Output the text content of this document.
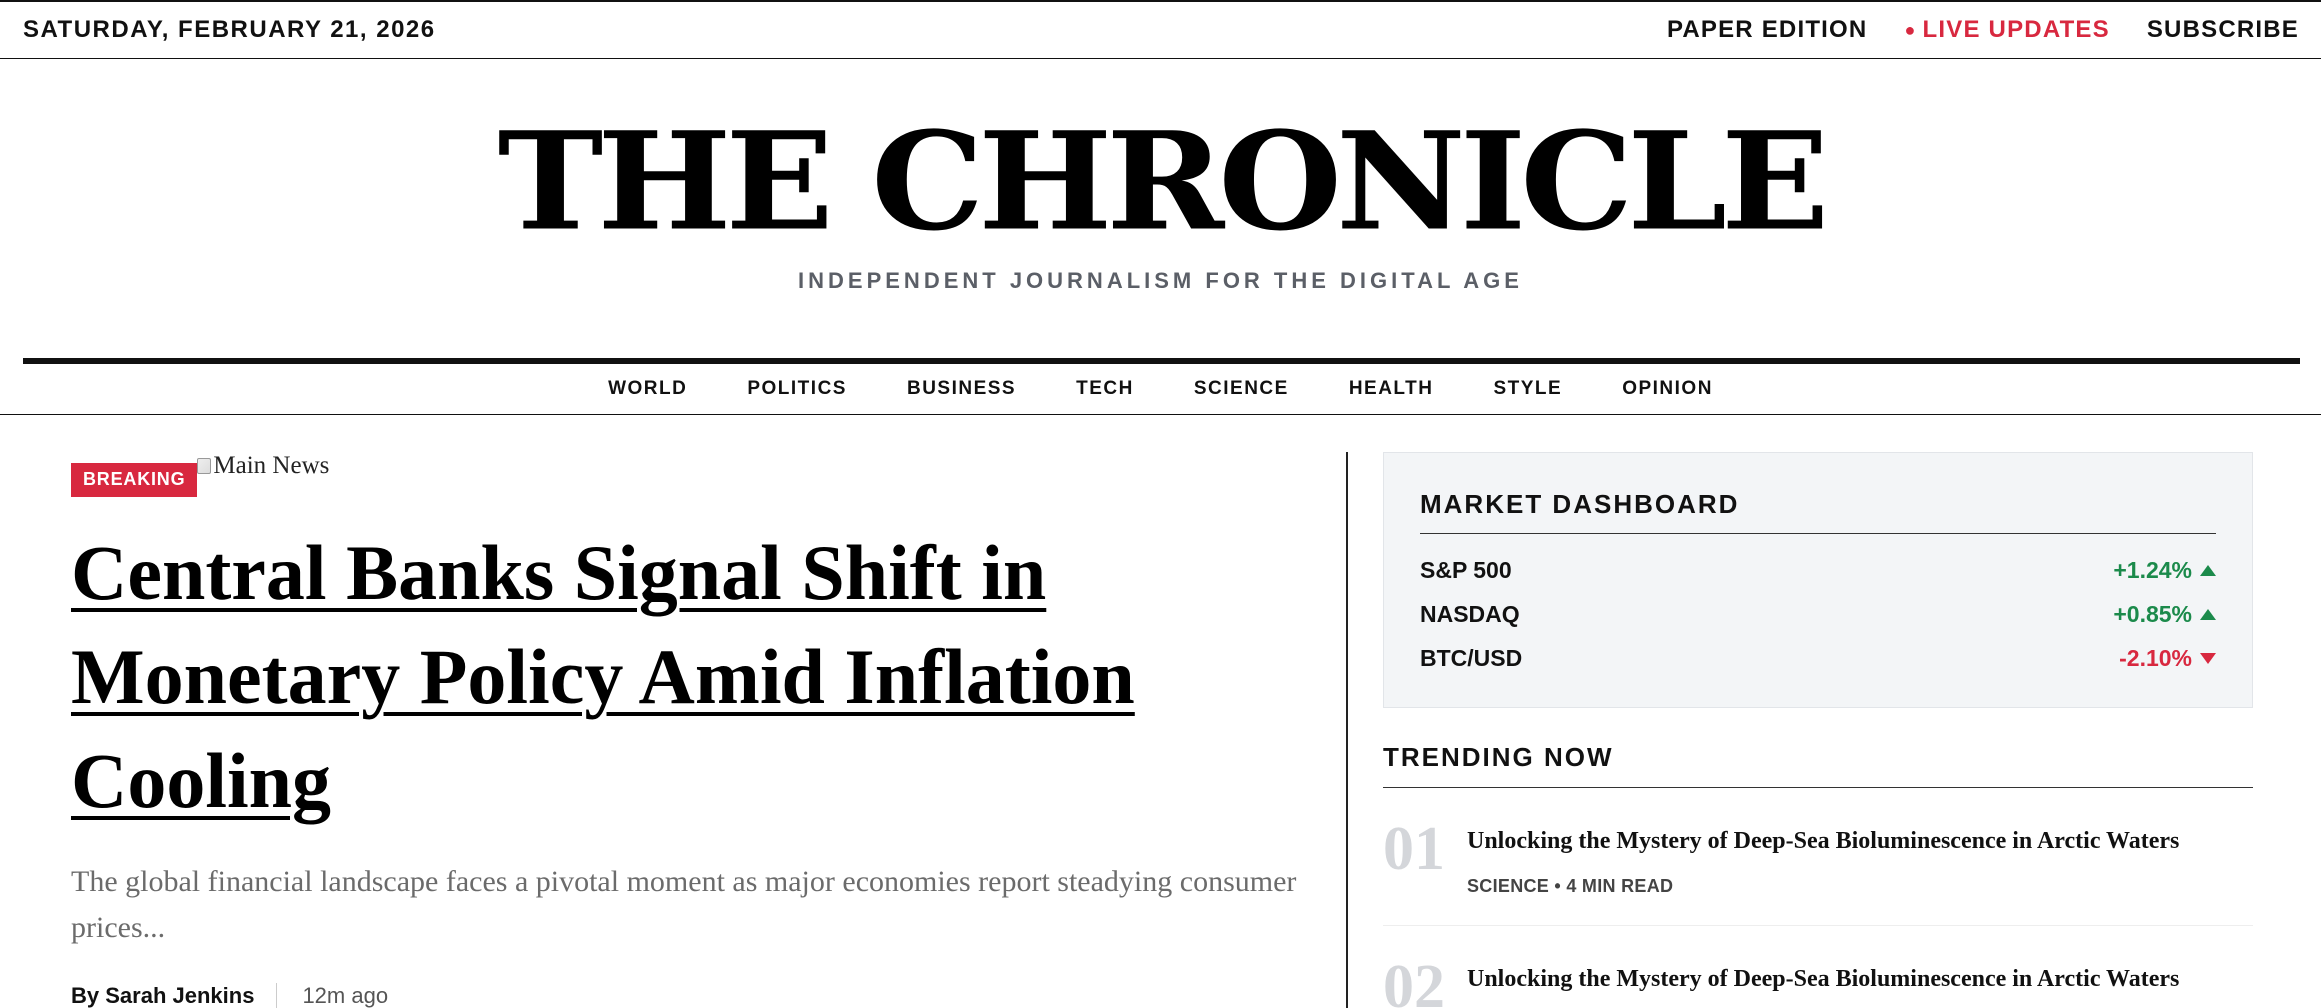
SATURDAY, FEBRUARY 21, 2026	PAPER EDITION ● LIVE UPDATES SUBSCRIBE
THE CHRONICLE
INDEPENDENT JOURNALISM FOR THE DIGITAL AGE
WORLD	POLITICS	BUSINESS	TECH	SCIENCE	HEALTH	STYLE	OPINION
BREAKING	Main News
Central Banks Signal Shift in Monetary Policy Amid Inflation Cooling

The global financial landscape faces a pivotal moment as major economies report steadying consumer prices...

By Sarah Jenkins	12m ago
MARKET DASHBOARD
S&P 500	+1.24%
NASDAQ	+0.85%
BTC/USD	-2.10%
TRENDING NOW
01 Unlocking the Mystery of Deep-Sea Bioluminescence in Arctic Waters
SCIENCE • 4 MIN READ
02 Unlocking the Mystery of Deep-Sea Bioluminescence in Arctic Waters
